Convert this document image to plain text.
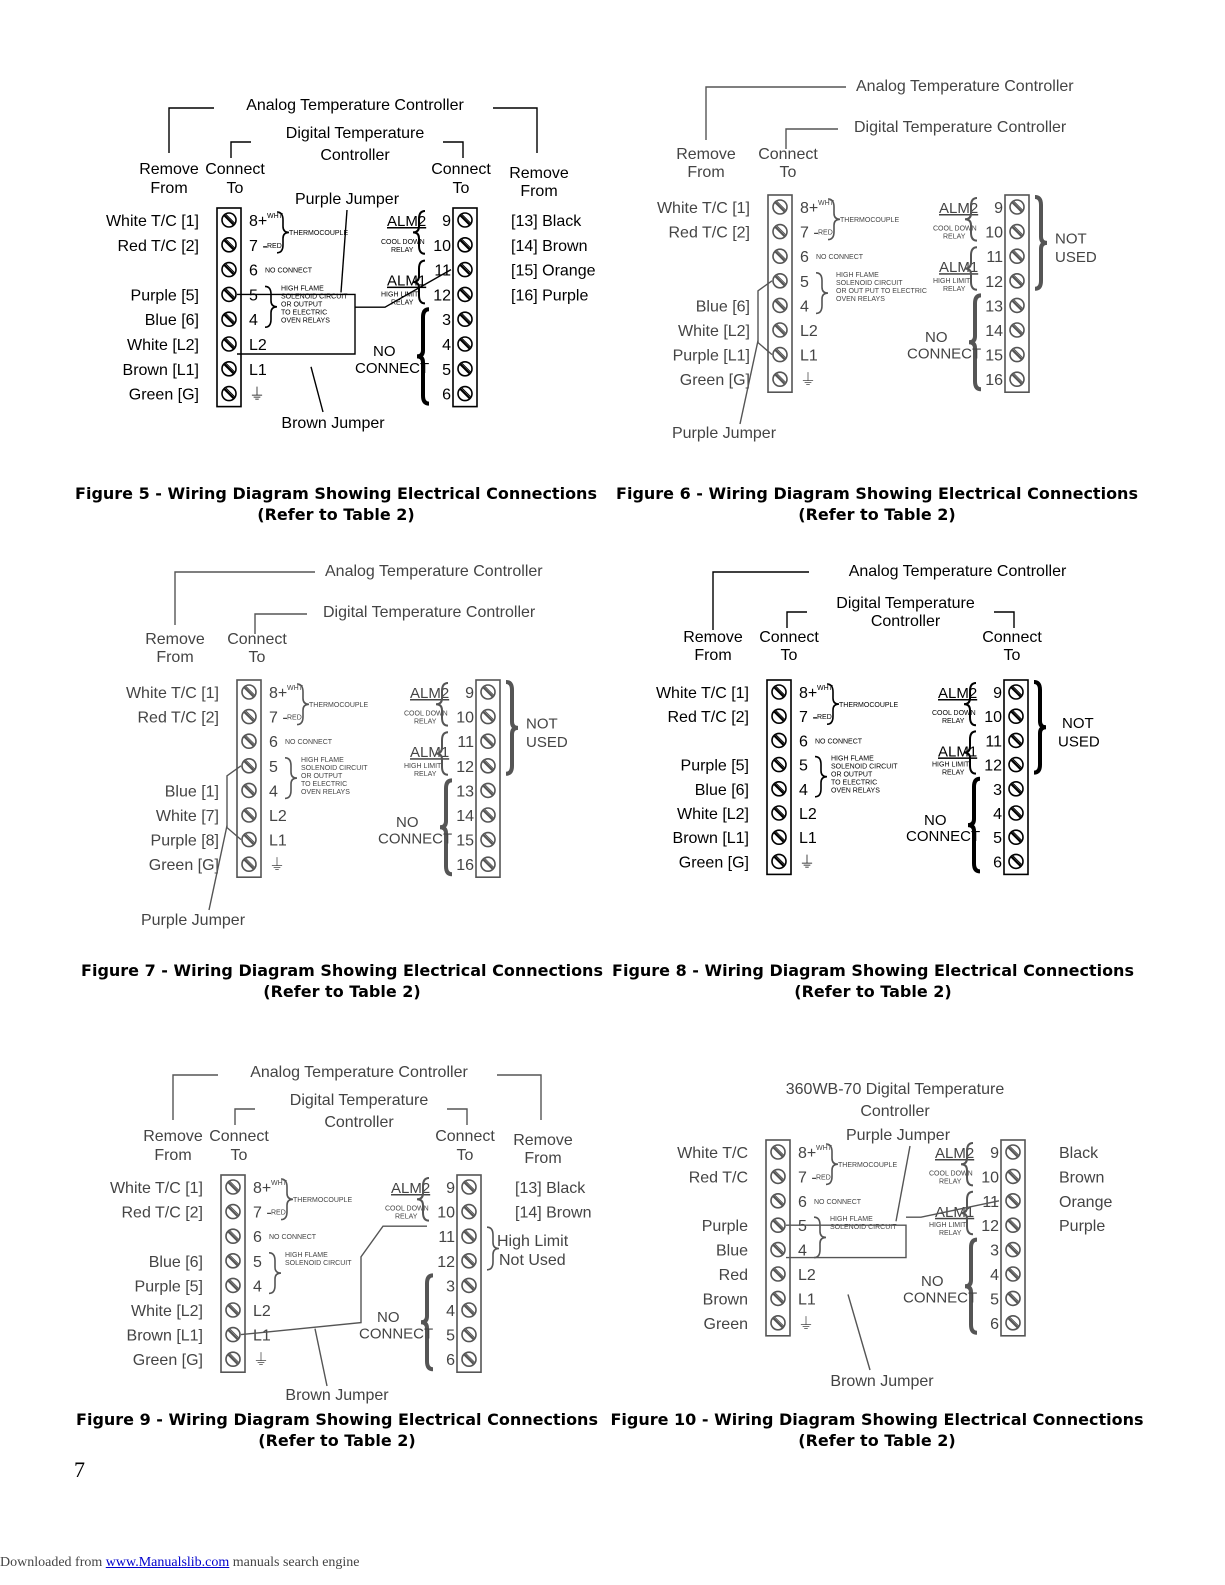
8+
7 -
6
5
4
L2
L1
⏚
WHT
RED
THERMOCOUPLE
NO CONNECT
HIGH FLAME
SOLENOID CIRCUIT
OR OUTPUT
TO ELECTRIC
OVEN RELAYS
9
10
11
12
3
4
5
6
ALM2
COOL DOWN
RELAY
ALM1
HIGH LIMIT
RELAY
NO
CONNECT
White T/C [1]
Red T/C [2]
Purple [5]
Blue [6]
White [L2]
Brown [L1]
Green [G]
[13] Black
[14] Brown
[15] Orange
[16] Purple
Analog Temperature Controller
Digital Temperature
Controller
Remove
From
Connect
To
Connect
To
Remove
From
Purple Jumper
Brown Jumper
Figure 5 - Wiring Diagram Showing Electrical Connections
(Refer to Table 2)
8+
7 -
6
5
4
L2
L1
⏚
WHT
RED
THERMOCOUPLE
NO CONNECT
HIGH FLAME
SOLENOID CIRCUIT
OR OUT PUT TO ELECTRIC
OVEN RELAYS
9
10
11
12
13
14
15
16
ALM2
COOL DOWN
RELAY
ALM1
HIGH LIMIT
RELAY
NO
CONNECT
NOT
USED
White T/C [1]
Red T/C [2]
Blue [6]
White [L2]
Purple [L1]
Green [G]
Analog Temperature Controller
Digital Temperature Controller
Remove
From
Connect
To
Purple Jumper
Figure 6 - Wiring Diagram Showing Electrical Connections
(Refer to Table 2)
8+
7 -
6
5
4
L2
L1
⏚
WHT
RED
THERMOCOUPLE
NO CONNECT
HIGH FLAME
SOLENOID CIRCUIT
OR OUTPUT
TO ELECTRIC
OVEN RELAYS
9
10
11
12
13
14
15
16
ALM2
COOL DOWN
RELAY
ALM1
HIGH LIMIT
RELAY
NO
CONNECT
NOT
USED
White T/C [1]
Red T/C [2]
Blue [1]
White [7]
Purple [8]
Green [G]
Analog Temperature Controller
Digital Temperature Controller
Remove
From
Connect
To
Purple Jumper
Figure 7 - Wiring Diagram Showing Electrical Connections
(Refer to Table 2)
8+
7 -
6
5
4
L2
L1
⏚
WHT
RED
THERMOCOUPLE
NO CONNECT
HIGH FLAME
SOLENOID CIRCUIT
OR OUTPUT
TO ELECTRIC
OVEN RELAYS
9
10
11
12
3
4
5
6
ALM2
COOL DOWN
RELAY
ALM1
HIGH LIMIT
RELAY
NO
CONNECT
White T/C [1]
Red T/C [2]
Purple [5]
Blue [6]
White [L2]
Brown [L1]
Green [G]
Analog Temperature Controller
Digital Temperature
Controller
Remove
From
Connect
To
Connect
To
NOT
USED
Figure 8 - Wiring Diagram Showing Electrical Connections
(Refer to Table 2)
8+
7 -
6
5
4
L2
L1
⏚
WHT
RED
THERMOCOUPLE
NO CONNECT
HIGH FLAME
SOLENOID CIRCUIT
9
10
11
12
3
4
5
6
ALM2
COOL DOWN
RELAY
NO
CONNECT
White T/C [1]
Red T/C [2]
Blue [6]
Purple [5]
White [L2]
Brown [L1]
Green [G]
[13] Black
[14] Brown
Analog Temperature Controller
Digital Temperature
Controller
Remove
From
Connect
To
Connect
To
Remove
From
High Limit
Not Used
Brown Jumper
Figure 9 - Wiring Diagram Showing Electrical Connections
(Refer to Table 2)
8+
7 -
6
5
4
L2
L1
⏚
WHT
RED
THERMOCOUPLE
NO CONNECT
HIGH FLAME
SOLENOID CIRCUIT
9
10
11
12
3
4
5
6
ALM2
COOL DOWN
RELAY
ALM1
HIGH LIMIT
RELAY
NO
CONNECT
White T/C
Red T/C
Purple
Blue
Red
Brown
Green
Black
Brown
Orange
Purple
360WB-70 Digital Temperature
Controller
Purple Jumper
Brown Jumper
Figure 10 - Wiring Diagram Showing Electrical Connections
(Refer to Table 2)
7
Downloaded from www.Manualslib.com manuals search engine
